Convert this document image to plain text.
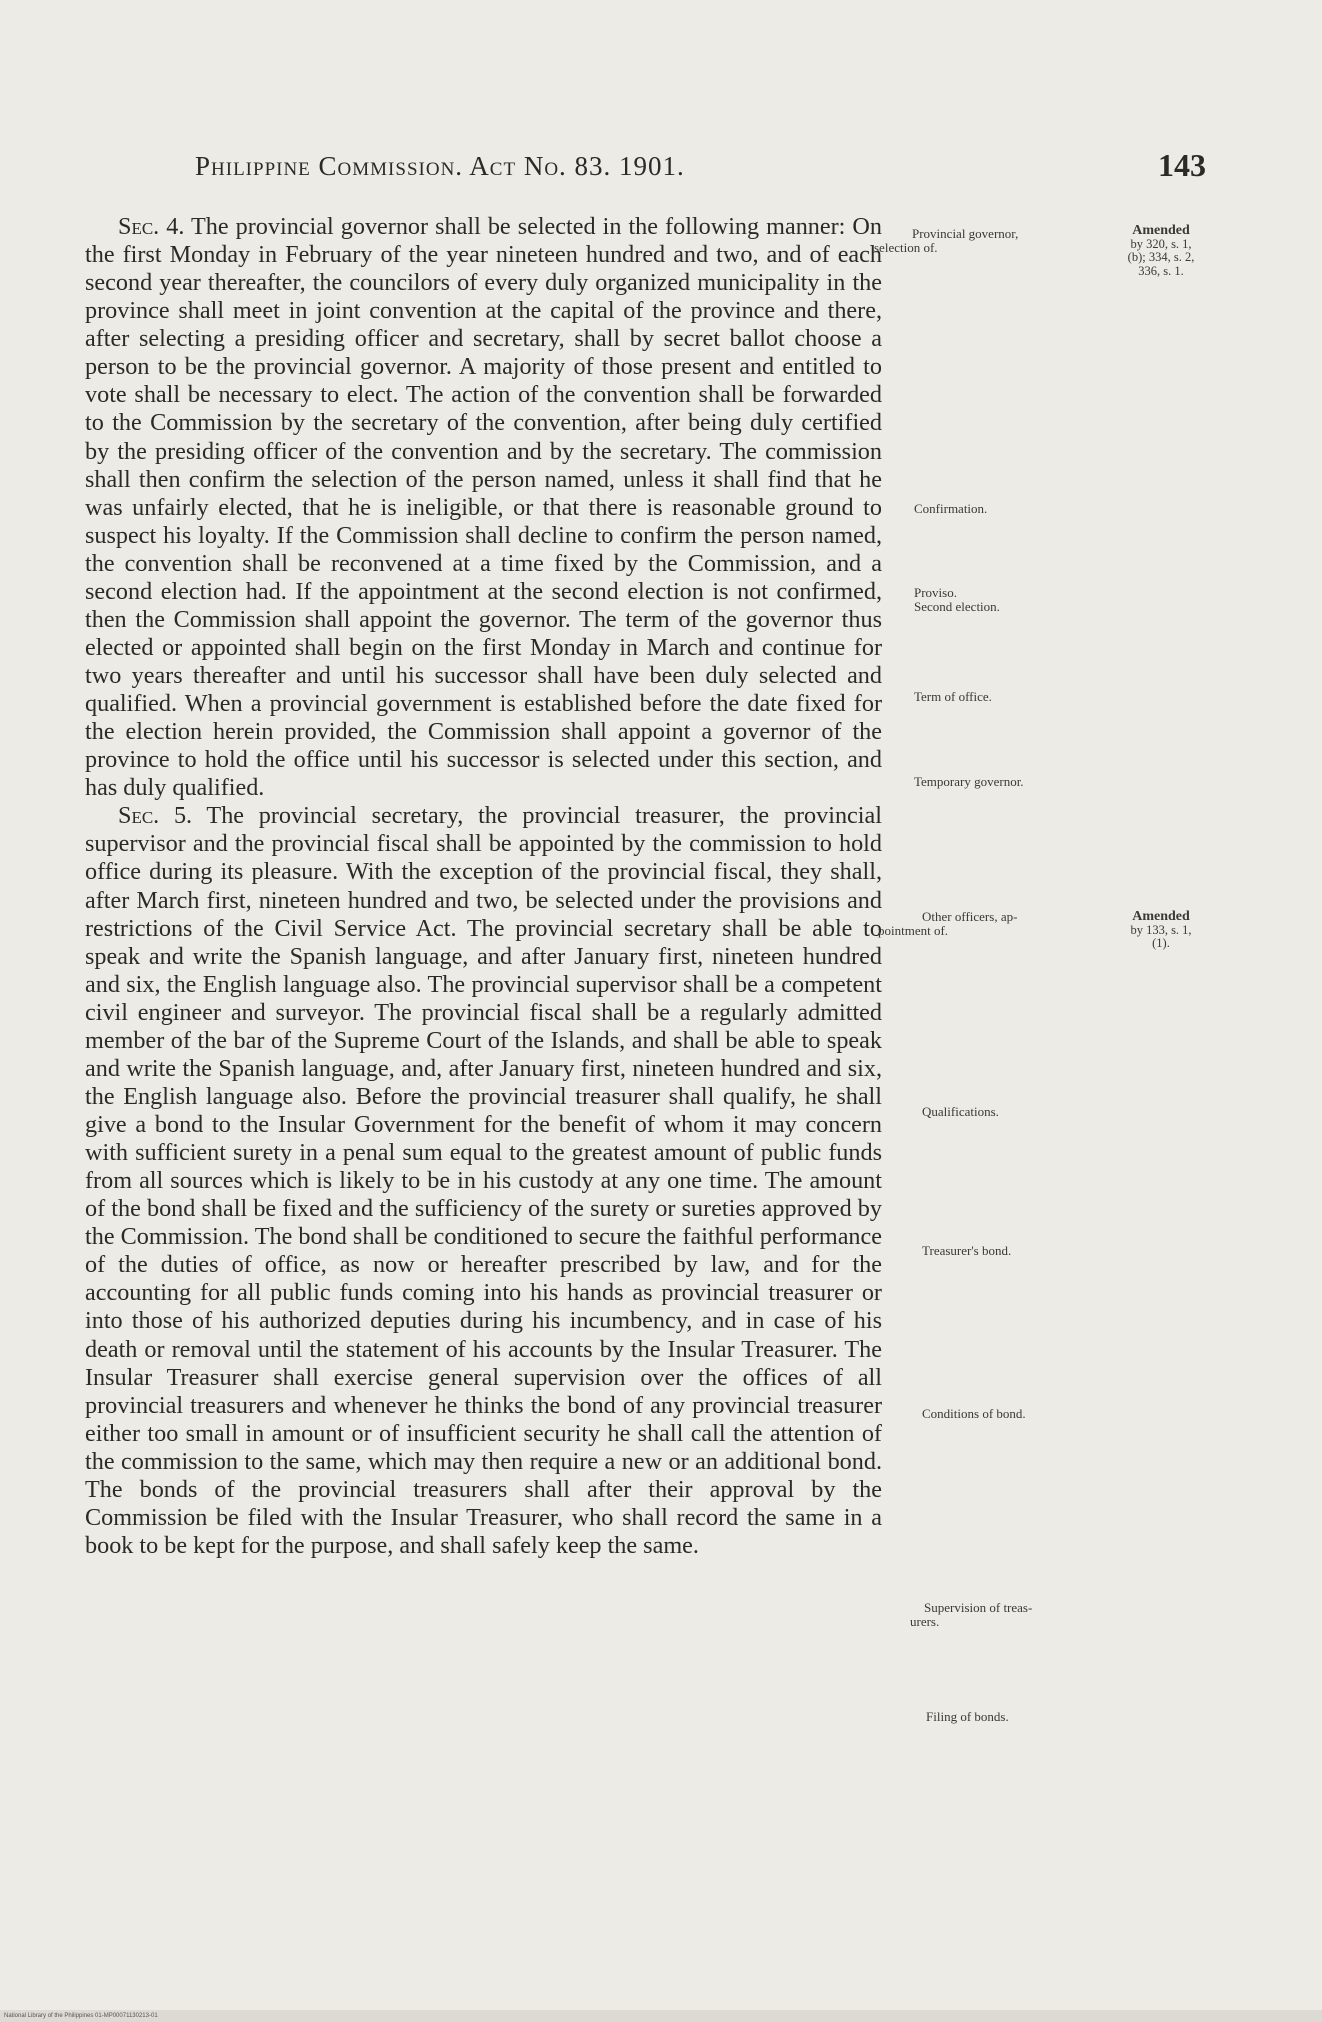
Philippine Commission. Act No. 83. 1901.	143

Sec. 4. The provincial governor shall be selected in the following manner: On the first Monday in February of the year nineteen hundred and two, and of each second year thereafter, the councilors of every duly organized municipality in the province shall meet in joint convention at the capital of the province and there, after selecting a presiding officer and secretary, shall by secret ballot choose a person to be the provincial governor. A majority of those present and entitled to vote shall be necessary to elect. The action of the convention shall be forwarded to the Commission by the secretary of the convention, after being duly certified by the presiding officer of the convention and by the secretary. The commission shall then confirm the selection of the person named, unless it shall find that he was unfairly elected, that he is ineligible, or that there is reasonable ground to suspect his loyalty. If the Commission shall decline to confirm the person named, the convention shall be reconvened at a time fixed by the Commission, and a second election had. If the appointment at the second election is not confirmed, then the Commission shall appoint the governor. The term of the governor thus elected or appointed shall begin on the first Monday in March and continue for two years thereafter and until his successor shall have been duly selected and qualified. When a provincial government is established before the date fixed for the election herein provided, the Commission shall appoint a governor of the province to hold the office until his successor is selected under this section, and has duly qualified.

Sec. 5. The provincial secretary, the provincial treasurer, the provincial supervisor and the provincial fiscal shall be appointed by the commission to hold office during its pleasure. With the exception of the provincial fiscal, they shall, after March first, nineteen hundred and two, be selected under the provisions and restrictions of the Civil Service Act. The provincial secretary shall be able to speak and write the Spanish language, and after January first, nineteen hundred and six, the English language also. The provincial supervisor shall be a competent civil engineer and surveyor. The provincial fiscal shall be a regularly admitted member of the bar of the Supreme Court of the Islands, and shall be able to speak and write the Spanish language, and, after January first, nineteen hundred and six, the English language also. Before the provincial treasurer shall qualify, he shall give a bond to the Insular Government for the benefit of whom it may concern with sufficient surety in a penal sum equal to the greatest amount of public funds from all sources which is likely to be in his custody at any one time. The amount of the bond shall be fixed and the sufficiency of the surety or sureties approved by the Commission. The bond shall be conditioned to secure the faithful performance of the duties of office, as now or hereafter prescribed by law, and for the accounting for all public funds coming into his hands as provincial treasurer or into those of his authorized deputies during his incumbency, and in case of his death or removal until the statement of his accounts by the Insular Treasurer. The Insular Treasurer shall exercise general supervision over the offices of all provincial treasurers and whenever he thinks the bond of any provincial treasurer either too small in amount or of insufficient security he shall call the attention of the commission to the same, which may then require a new or an additional bond. The bonds of the provincial treasurers shall after their approval by the Commission be filed with the Insular Treasurer, who shall record the same in a book to be kept for the purpose, and shall safely keep the same.

Provincial governor,
selection of.
Confirmation.
Proviso.
Second election.
Term of office.
Temporary governor.
Other officers, ap-
pointment of.
Qualifications.
Treasurer's bond.
Conditions of bond.
Supervision of treas-
urers.
Filing of bonds.
Amended
by 320, s. 1,
(b); 334, s. 2,
336, s. 1.
Amended
by 133, s. 1,
(1).
National Library of the Philippines 01-MP00071130213-01
